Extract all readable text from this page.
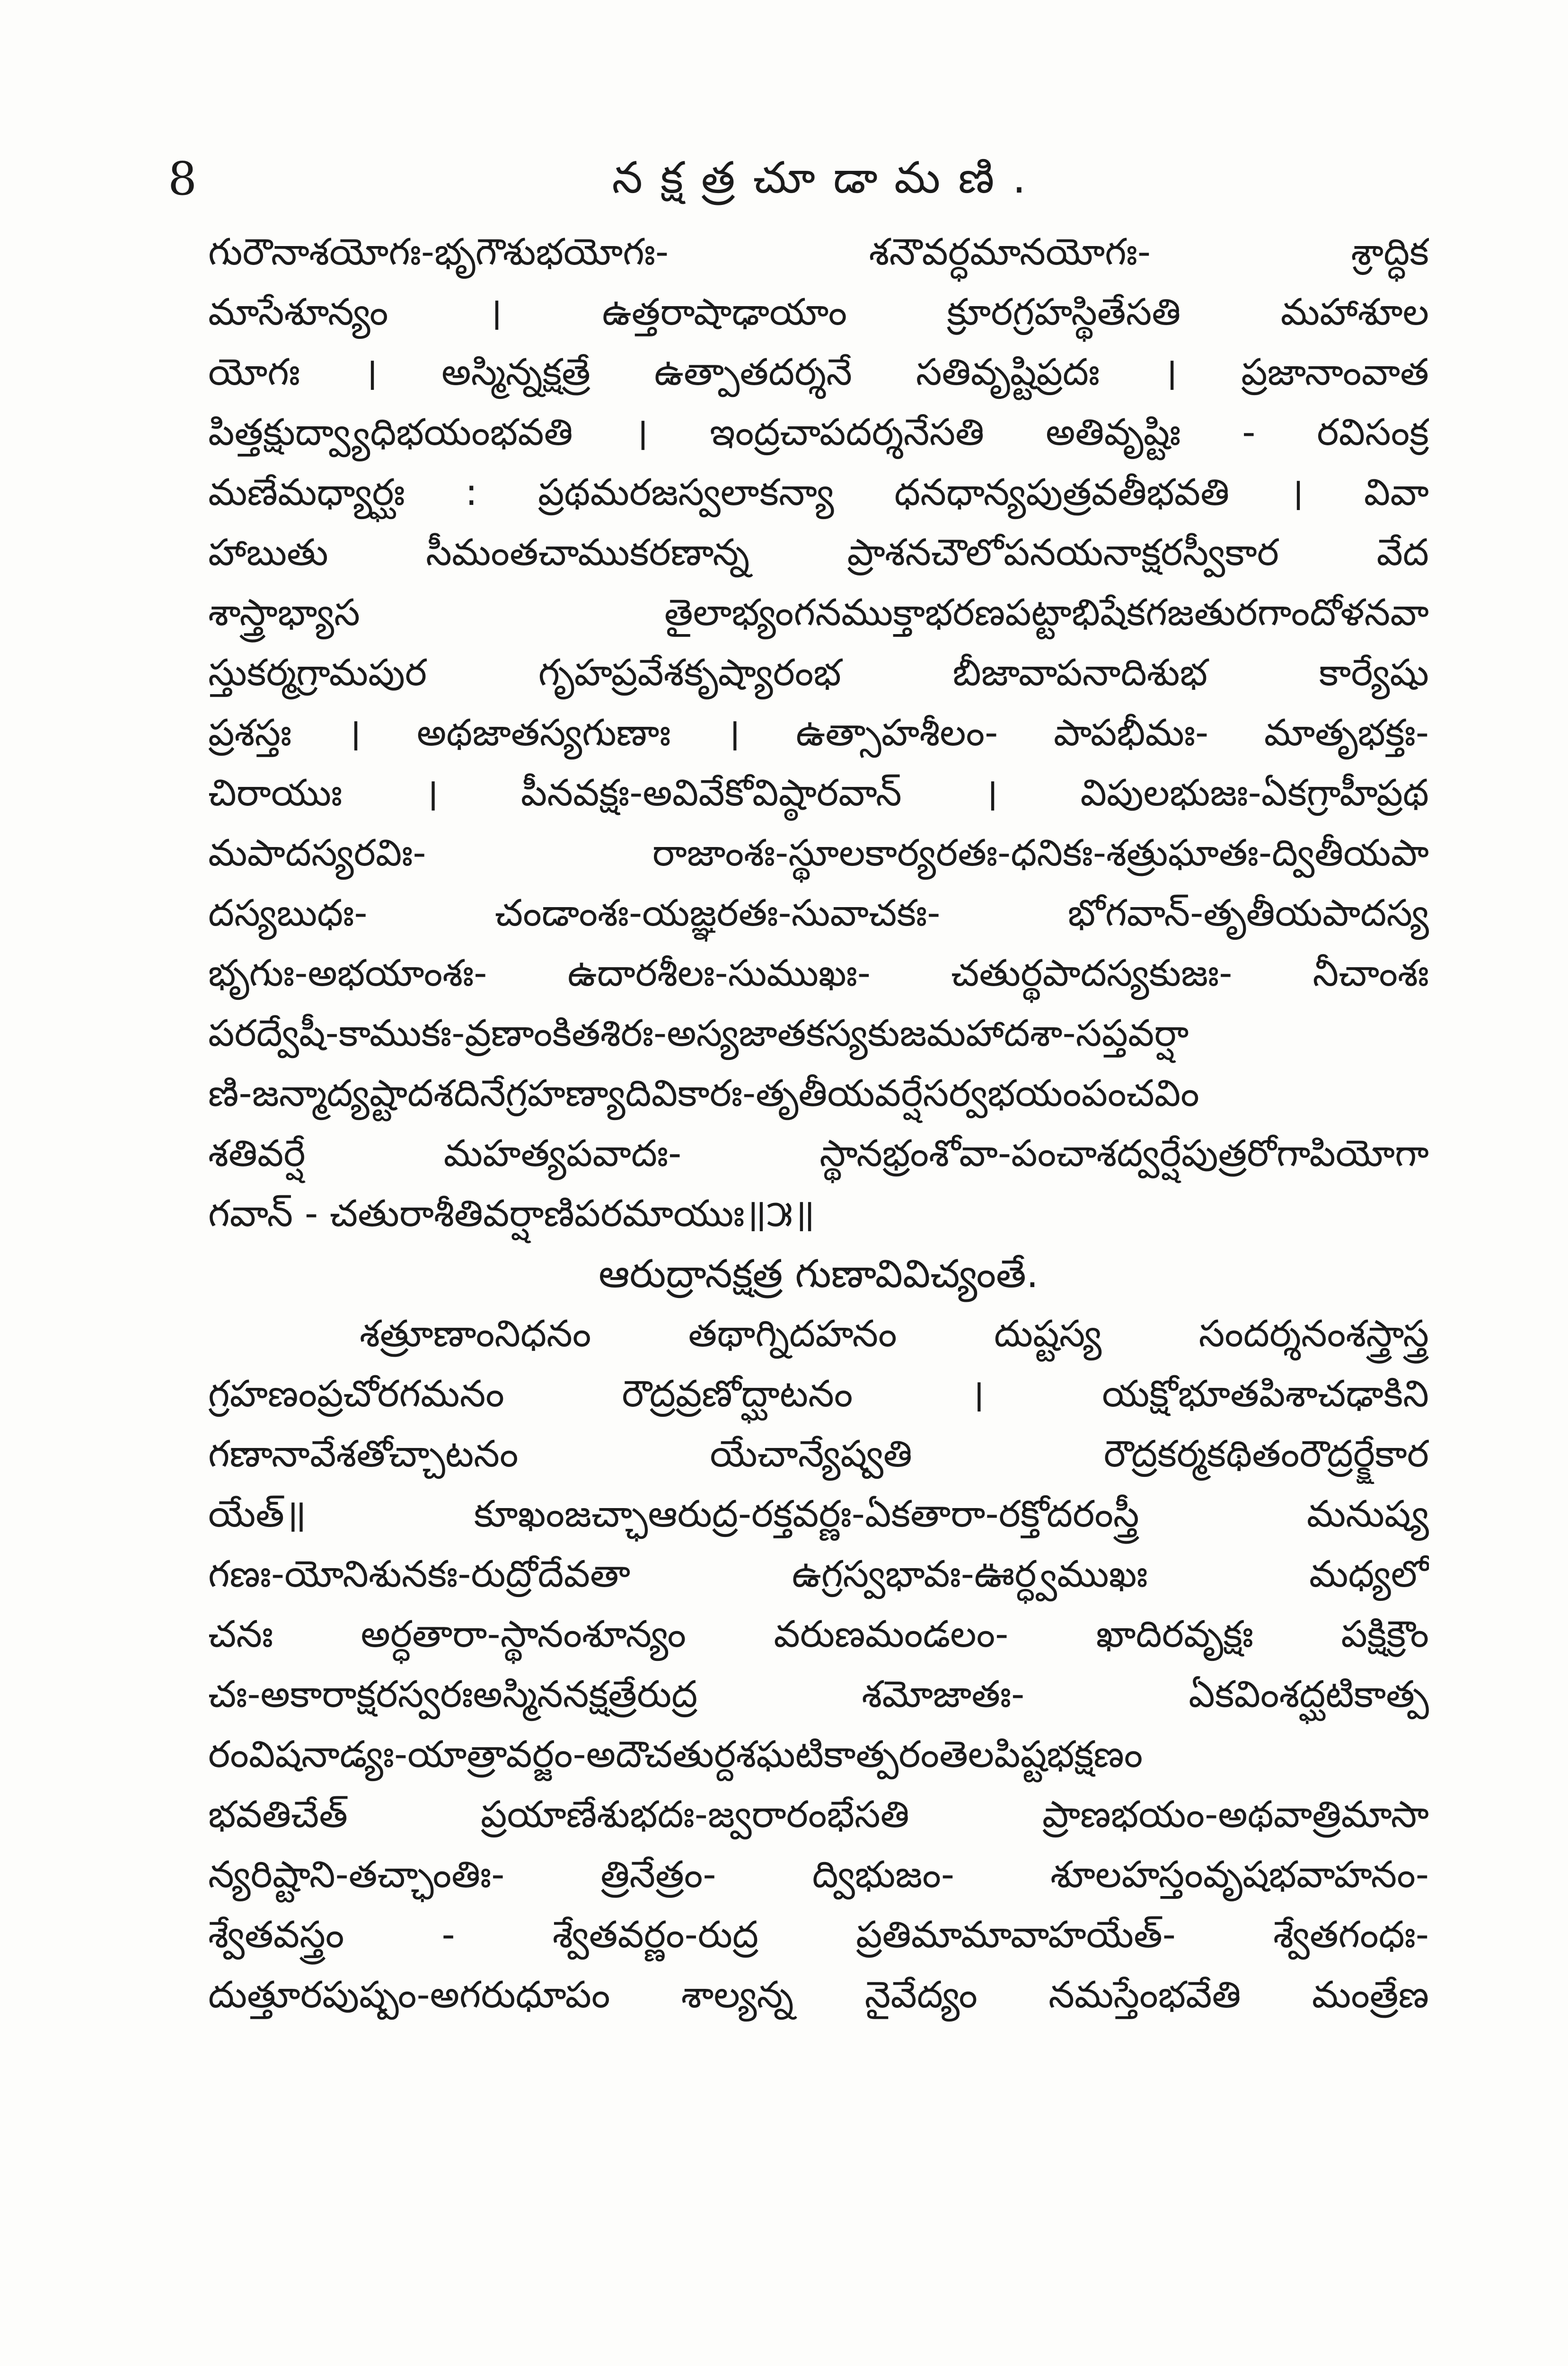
8	నక్షత్రచూడామణి.
గురౌనాశయోగః-భృగౌశుభయోగః- శనౌవర్ధమానయోగః- శ్రాద్ధిక
మాసేశూన్యం । ఉత్తరాషాఢాయాం క్రూరగ్రహస్థితేసతి మహాశూల
యోగః । అస్మిన్నక్షత్రే ఉత్పాతదర్శనే సతివృష్టిప్రదః । ప్రజానాంవాత
పిత్తక్షుద్వ్యాధిభయంభవతి । ఇంద్రచాపదర్శనేసతి అతివృష్టిః - రవిసంక్ర
మణేమధ్యార్ఘః : ప్రథమరజస్వలాకన్యా ధనధాన్యపుత్రవతీభవతి । వివా
హాబుతు సీమంతచాముకరణాన్న ప్రాశనచౌలోపనయనాక్షరస్వీకార వేద
శాస్త్రాభ్యాస తైలాభ్యంగనముక్తాభరణపట్టాభిషేకగజతురగాందోళనవా
స్తుకర్మగ్రామపుర గృహప్రవేశకృష్యారంభ బీజావాపనాదిశుభ కార్యేషు
ప్రశస్తః । అథజాతస్యగుణాః । ఉత్సాహశీలం- పాపభీమః- మాతృభక్తః-
చిరాయుః । పీనవక్షః-అవివేకోవిష్ఠారవాన్ । విపులభుజః-ఏకగ్రాహీప్రథ
మపాదస్యరవిః- రాజాంశః-స్థూలకార్యరతః-ధనికః-శత్రుఘాతః-ద్వితీయపా
దస్యబుధః- చండాంశః-యజ్ఞరతః-సువాచకః- భోగవాన్-తృతీయపాదస్య
భృగుః-అభయాంశః- ఉదారశీలః-సుముఖః- చతుర్థపాదస్యకుజః- నీచాంశః
పరద్వేషీ-కాముకః-వ్రణాంకితశిరః-అస్యజాతకస్యకుజమహాదశా-సప్తవర్షా
ణి-జన్మాద్యష్టాదశదినేగ్రహణ్యాదివికారః-తృతీయవర్షేసర్వభయంపంచవిం
శతివర్షే మహత్యపవాదః- స్థానభ్రంశోవా-పంచాశద్వర్షేపుత్రరోగాపియోగా
గవాన్ - చతురాశీతివర్షాణిపరమాయుః॥౫॥
ఆరుద్రానక్షత్ర గుణావివిచ్యంతే.
శత్రూణాంనిధనం తథాగ్నిదహనం దుష్టస్య సందర్శనంశస్త్రాస్త్ర
గ్రహణంప్రచోరగమనం రౌద్రవ్రణోద్ఘాటనం । యక్షోభూతపిశాచఢాకిని
గణానావేశతోచ్చాటనం యేచాన్యేష్వతి రౌద్రకర్మకథితంరౌద్రర్క్షేకార
యేత్॥ కూఖంజచ్ఛాఆరుద్ర-రక్తవర్ణః-ఏకతారా-రక్తోదరంస్త్రీ మనుష్య
గణః-యోనిశునకః-రుద్రోదేవతా ఉగ్రస్వభావః-ఊర్ధ్వముఖః మధ్యలో
చనః అర్ధతారా-స్థానంశూన్యం వరుణమండలం- ఖాదిరవృక్షః పక్షిక్రౌం
చః-అకారాక్షరస్వరఃఅస్మిననక్షత్రేరుద్ర శమోజాతః- ఏకవింశద్ఘటికాత్ప
రంవిషనాడ్యః-యాత్రావర్జం-అదౌచతుర్దశఘటికాత్పరంతెలపిష్టభక్షణం
భవతిచేత్ ప్రయాణేశుభదః-జ్వరారంభేసతి ప్రాణభయం-అథవాత్రిమాసా
న్యరిష్టాని-తచ్ఛాంతిః- త్రినేత్రం- ద్విభుజం- శూలహస్తంవృషభవాహనం-
శ్వేతవస్త్రం - శ్వేతవర్ణం-రుద్ర ప్రతిమామావాహయేత్- శ్వేతగంధః-
దుత్తూరపుష్పం-అగరుధూపం శాల్యన్న నైవేద్యం నమస్తేంభవేతి మంత్రేణ
